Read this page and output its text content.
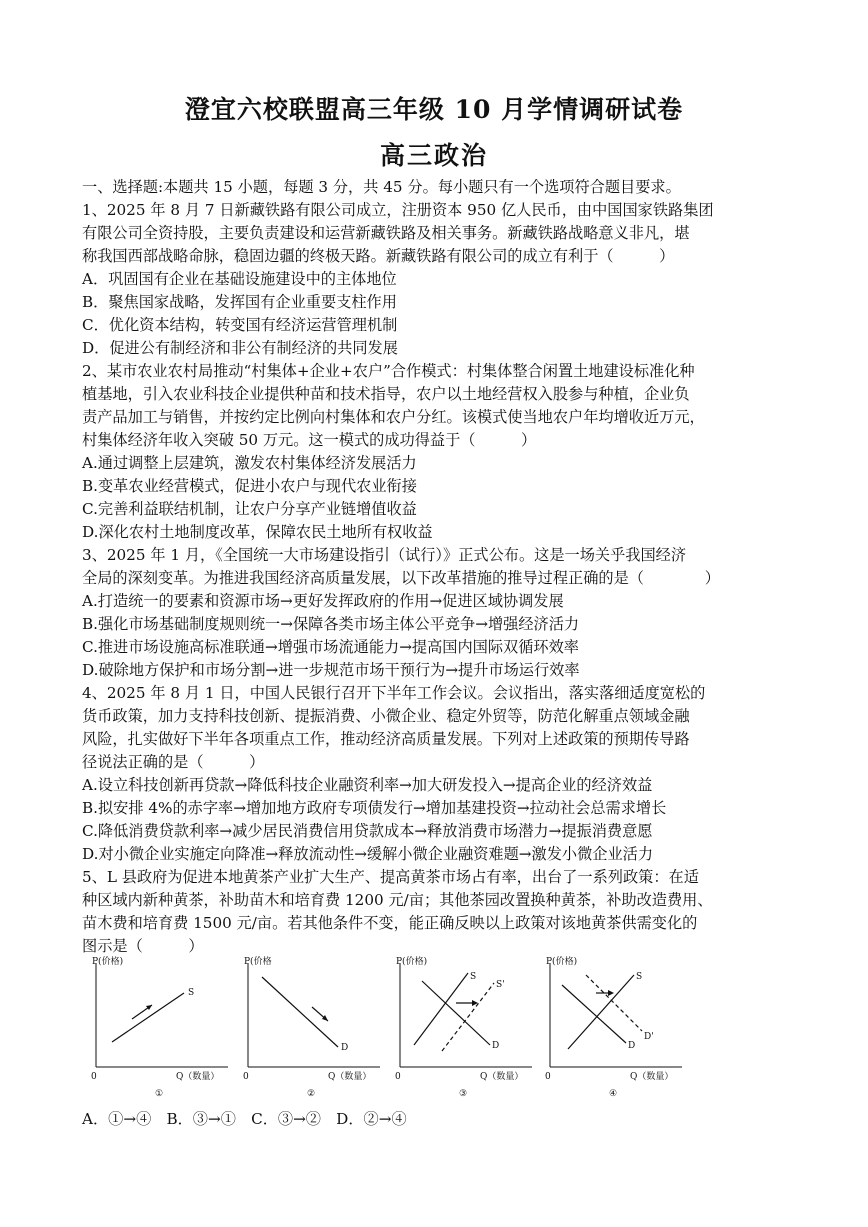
澄宜六校联盟高三年级 10 月学情调研试卷
高三政治
一、选择题:本题共 15 小题，每题 3 分，共 45 分。每小题只有一个选项符合题目要求。
1、2025 年 8 月 7 日新藏铁路有限公司成立，注册资本 950 亿人民币，由中国国家铁路集团
有限公司全资持股，主要负责建设和运营新藏铁路及相关事务。新藏铁路战略意义非凡，堪
称我国西部战略命脉，稳固边疆的终极天路。新藏铁路有限公司的成立有利于（　　　）
A．巩固国有企业在基础设施建设中的主体地位
B．聚焦国家战略，发挥国有企业重要支柱作用
C．优化资本结构，转变国有经济运营管理机制
D．促进公有制经济和非公有制经济的共同发展
2、某市农业农村局推动“村集体+企业+农户”合作模式：村集体整合闲置土地建设标准化种
植基地，引入农业科技企业提供种苗和技术指导，农户以土地经营权入股参与种植，企业负
责产品加工与销售，并按约定比例向村集体和农户分红。该模式使当地农户年均增收近万元，
村集体经济年收入突破 50 万元。这一模式的成功得益于（　　　）
A.通过调整上层建筑，激发农村集体经济发展活力
B.变革农业经营模式，促进小农户与现代农业衔接
C.完善利益联结机制，让农户分享产业链增值收益
D.深化农村土地制度改革，保障农民土地所有权收益
3、2025 年 1 月，《全国统一大市场建设指引（试行）》正式公布。这是一场关乎我国经济
全局的深刻变革。为推进我国经济高质量发展，以下改革措施的推导过程正确的是（　　　　）
A.打造统一的要素和资源市场→更好发挥政府的作用→促进区域协调发展
B.强化市场基础制度规则统一→保障各类市场主体公平竞争→增强经济活力
C.推进市场设施高标准联通→增强市场流通能力→提高国内国际双循环效率
D.破除地方保护和市场分割→进一步规范市场干预行为→提升市场运行效率
4、2025 年 8 月 1 日，中国人民银行召开下半年工作会议。会议指出，落实落细适度宽松的
货币政策，加力支持科技创新、提振消费、小微企业、稳定外贸等，防范化解重点领域金融
风险，扎实做好下半年各项重点工作，推动经济高质量发展。下列对上述政策的预期传导路
径说法正确的是（　　　）
A.设立科技创新再贷款→降低科技企业融资利率→加大研发投入→提高企业的经济效益
B.拟安排 4%的赤字率→增加地方政府专项债发行→增加基建投资→拉动社会总需求增长
C.降低消费贷款利率→减少居民消费信用贷款成本→释放消费市场潜力→提振消费意愿
D.对小微企业实施定向降准→释放流动性→缓解小微企业融资难题→激发小微企业活力
5、L 县政府为促进本地黄茶产业扩大生产、提高黄茶市场占有率，出台了一系列政策：在适
种区域内新种黄茶，补助苗木和培育费 1200 元/亩；其他茶园改置换种黄茶，补助改造费用、
苗木费和培育费 1500 元/亩。若其他条件不变，能正确反映以上政策对该地黄茶供需变化的
图示是（　　　）
P(价格)
Q（数量）
0
S
①
P(价格
Q（数量）
0
D
②
P(价格)
Q（数量）
0
D
S
S'
③
P(价格)
Q（数量）
0
D
D'
S
④
A．①→④　B．③→①　C．③→②　D．②→④
